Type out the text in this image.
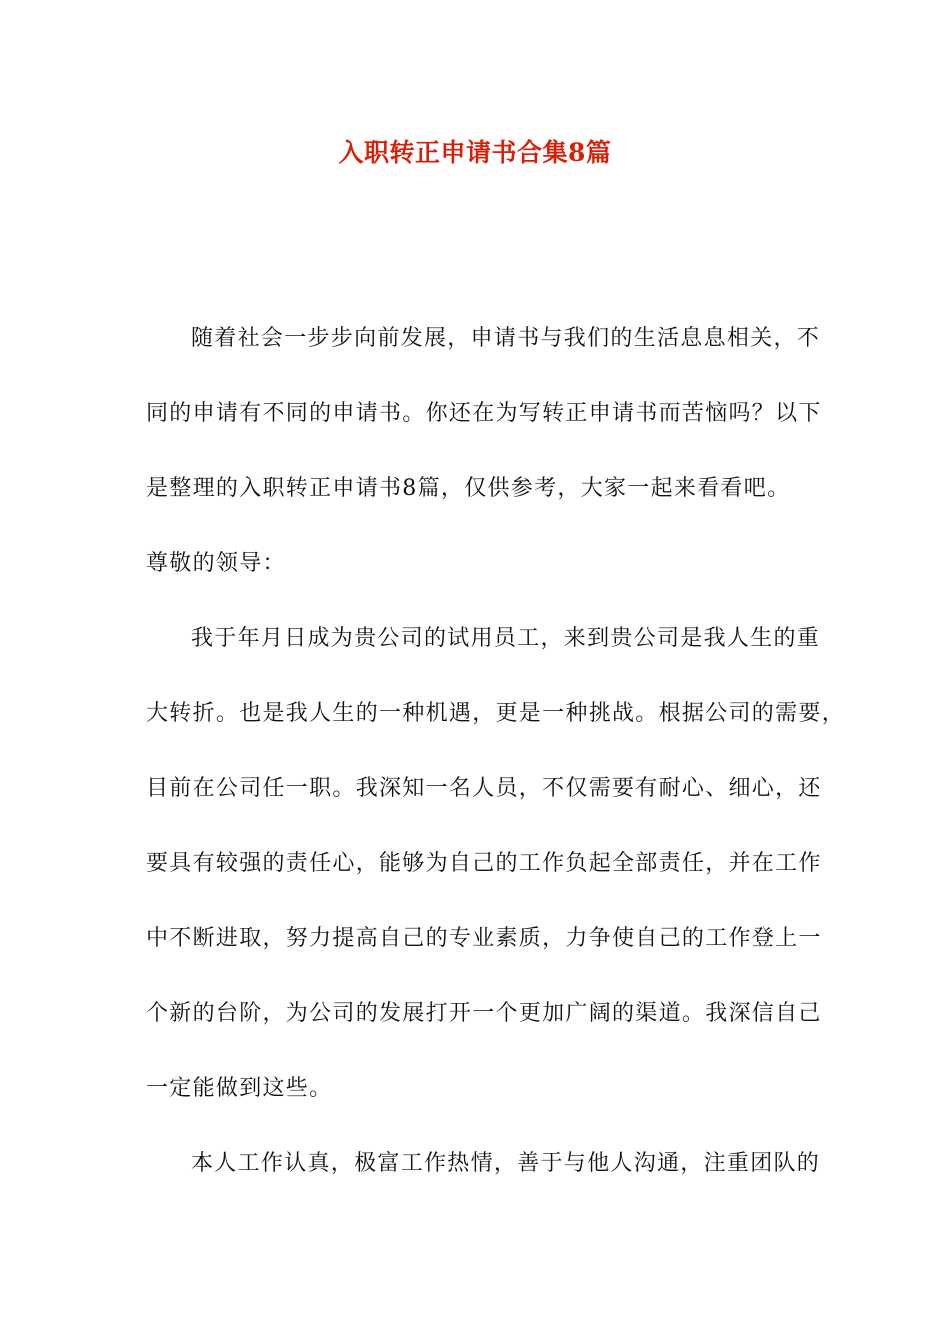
入职转正申请书合集8篇

随着社会一步步向前发展，申请书与我们的生活息息相关，不

同的申请有不同的申请书。你还在为写转正申请书而苦恼吗？以下

是整理的入职转正申请书8篇，仅供参考，大家一起来看看吧。

尊敬的领导：

我于年月日成为贵公司的试用员工，来到贵公司是我人生的重

大转折。也是我人生的一种机遇，更是一种挑战。根据公司的需要，

目前在公司任一职。我深知一名人员，不仅需要有耐心、细心，还

要具有较强的责任心，能够为自己的工作负起全部责任，并在工作

中不断进取，努力提高自己的专业素质，力争使自己的工作登上一

个新的台阶，为公司的发展打开一个更加广阔的渠道。我深信自己

一定能做到这些。

本人工作认真，极富工作热情，善于与他人沟通，注重团队的
